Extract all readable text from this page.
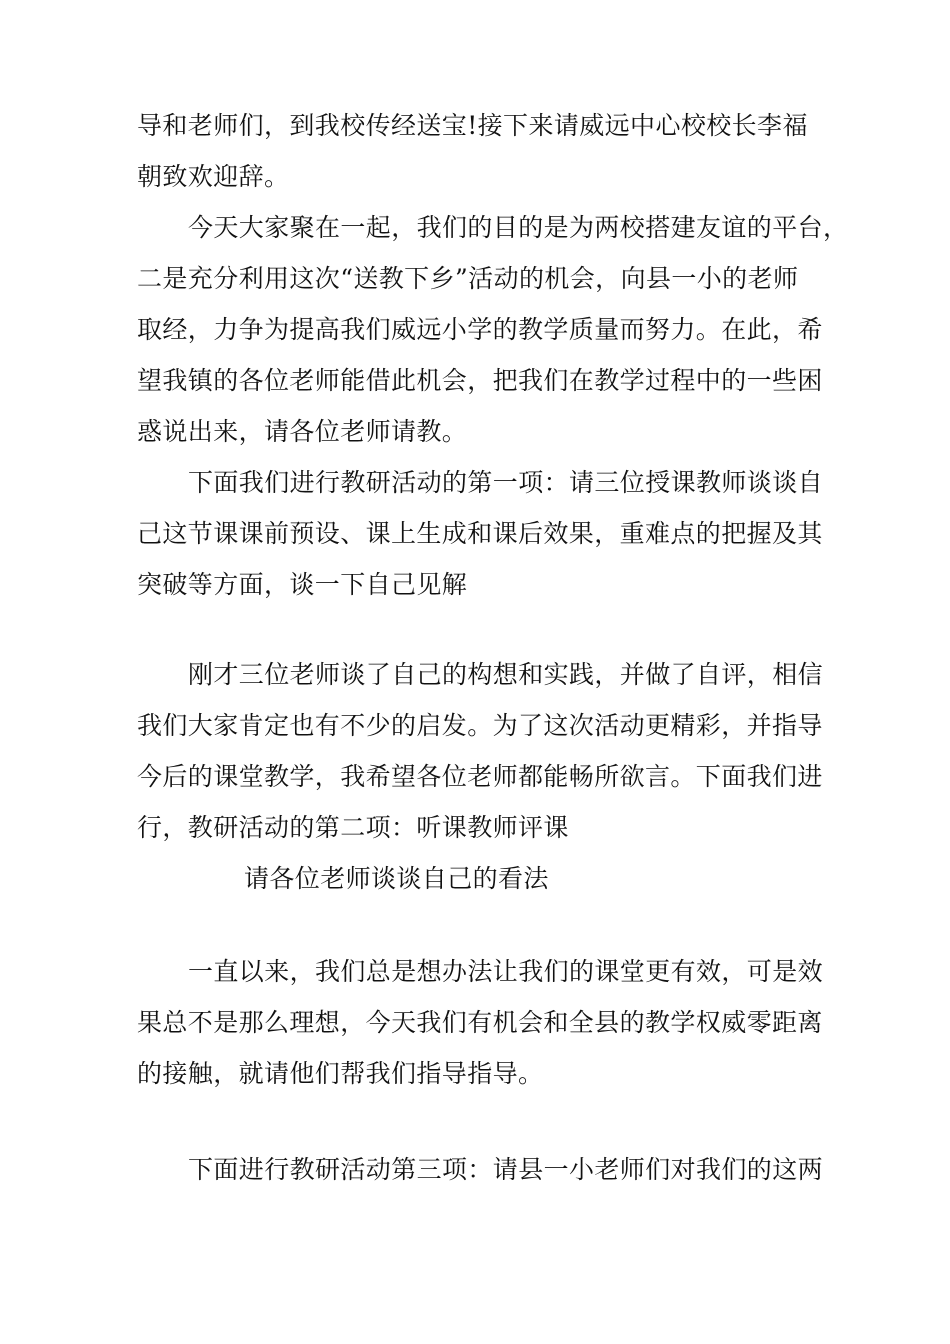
导和老师们，到我校传经送宝!接下来请威远中心校校长李福
朝致欢迎辞。
今天大家聚在一起，我们的目的是为两校搭建友谊的平台，
二是充分利用这次“送教下乡”活动的机会，向县一小的老师
取经，力争为提高我们威远小学的教学质量而努力。在此，希
望我镇的各位老师能借此机会，把我们在教学过程中的一些困
惑说出来，请各位老师请教。
下面我们进行教研活动的第一项：请三位授课教师谈谈自
己这节课课前预设、课上生成和课后效果，重难点的把握及其
突破等方面，谈一下自己见解
刚才三位老师谈了自己的构想和实践，并做了自评，相信
我们大家肯定也有不少的启发。为了这次活动更精彩，并指导
今后的课堂教学，我希望各位老师都能畅所欲言。下面我们进
行，教研活动的第二项：听课教师评课
请各位老师谈谈自己的看法
一直以来，我们总是想办法让我们的课堂更有效，可是效
果总不是那么理想，今天我们有机会和全县的教学权威零距离
的接触，就请他们帮我们指导指导。
下面进行教研活动第三项：请县一小老师们对我们的这两
